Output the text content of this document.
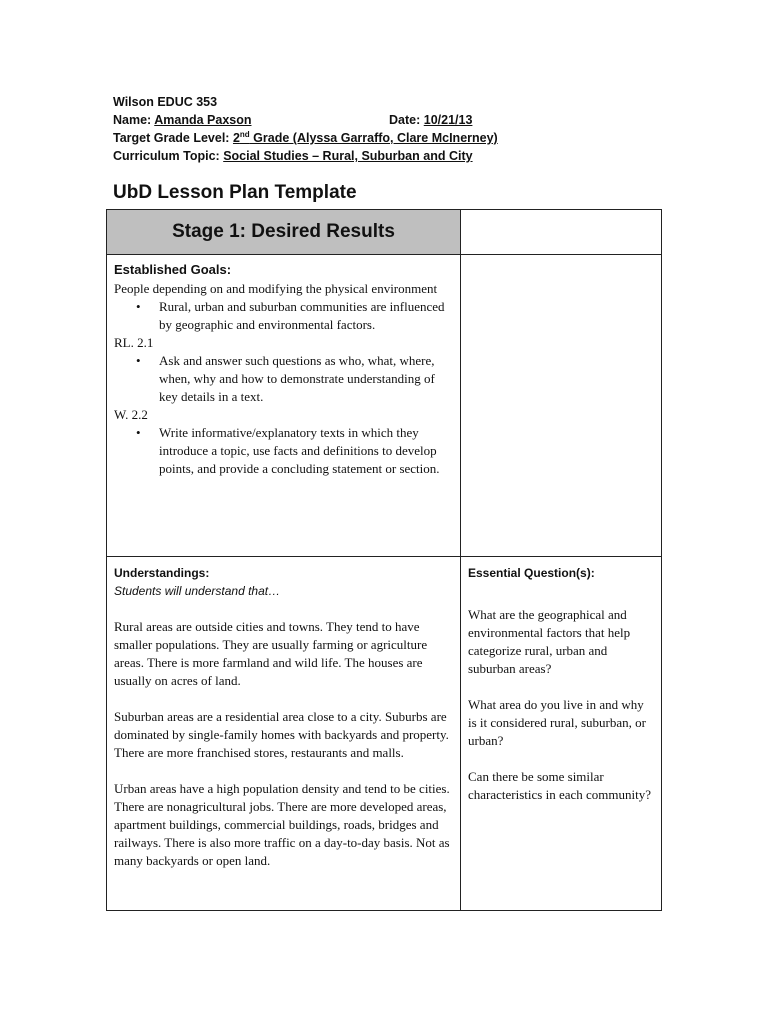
Wilson EDUC 353
Name: Amanda Paxson	Date: 10/21/13
Target Grade Level: 2nd Grade (Alyssa Garraffo, Clare McInerney)
Curriculum Topic: Social Studies – Rural, Suburban and City
UbD Lesson Plan Template
Stage 1: Desired Results
Established Goals:
People depending on and modifying the physical environment
• Rural, urban and suburban communities are influenced by geographic and environmental factors.
RL. 2.1
• Ask and answer such questions as who, what, where, when, why and how to demonstrate understanding of key details in a text.
W. 2.2
• Write informative/explanatory texts in which they introduce a topic, use facts and definitions to develop points, and provide a concluding statement or section.
Understandings:
Students will understand that…
Rural areas are outside cities and towns. They tend to have smaller populations. They are usually farming or agriculture areas. There is more farmland and wild life. The houses are usually on acres of land.
Suburban areas are a residential area close to a city. Suburbs are dominated by single-family homes with backyards and property. There are more franchised stores, restaurants and malls.
Urban areas have a high population density and tend to be cities. There are nonagricultural jobs. There are more developed areas, apartment buildings, commercial buildings, roads, bridges and railways. There is also more traffic on a day-to-day basis. Not as many backyards or open land.
Essential Question(s):
What are the geographical and environmental factors that help categorize rural, urban and suburban areas?
What area do you live in and why is it considered rural, suburban, or urban?
Can there be some similar characteristics in each community?
